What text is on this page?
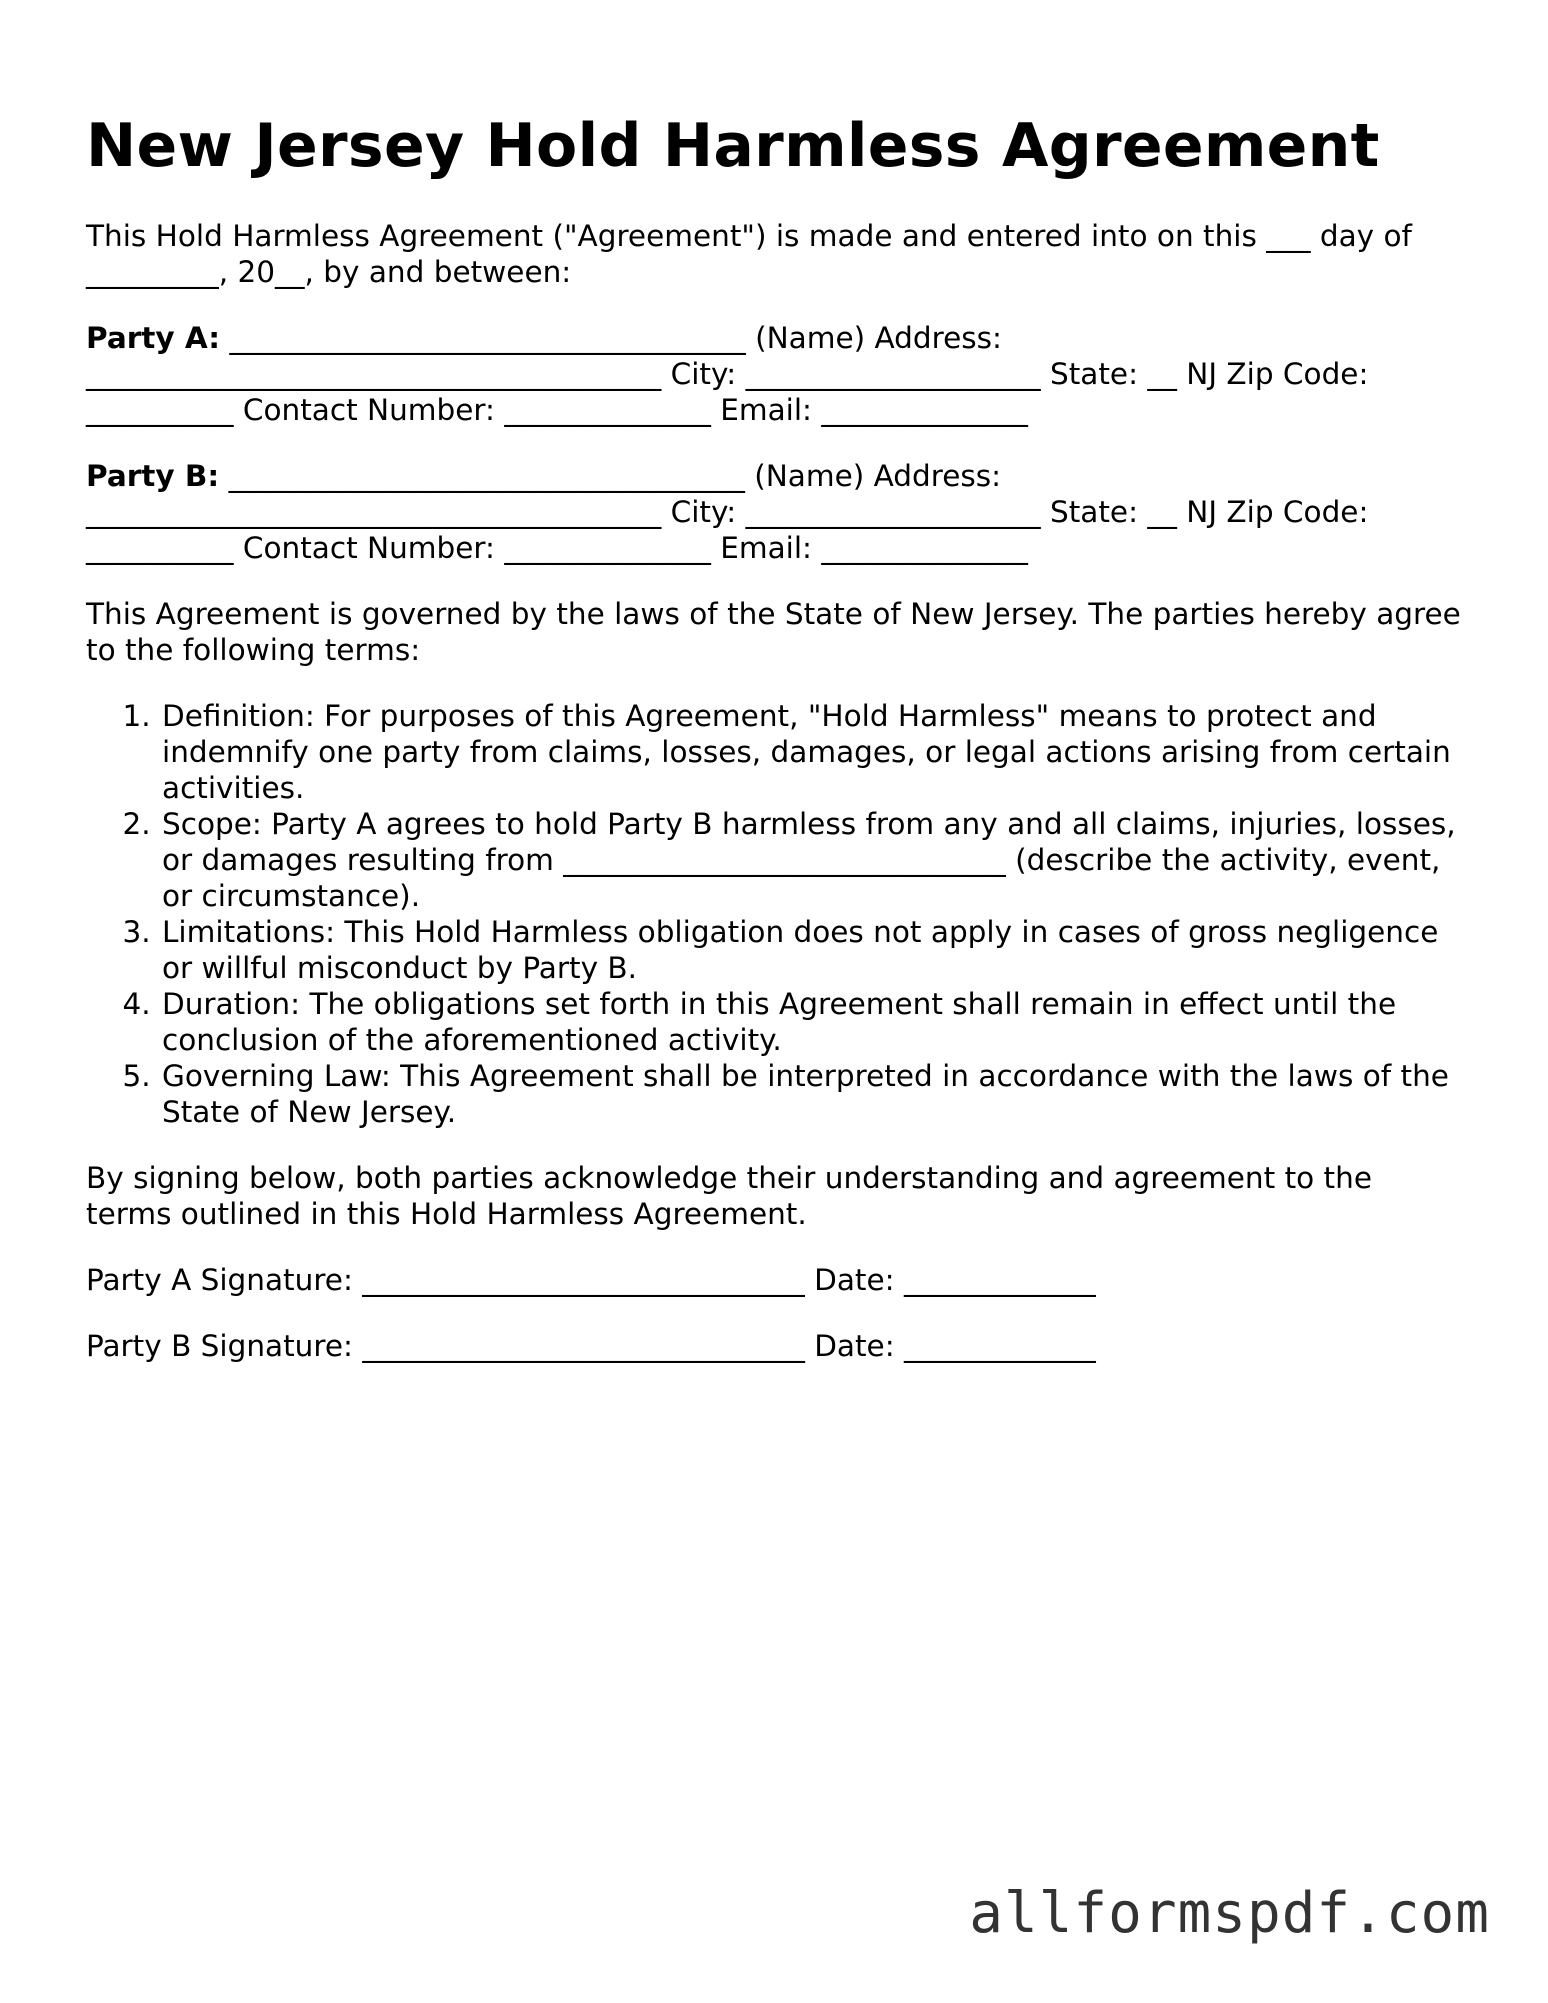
New Jersey Hold Harmless Agreement

This Hold Harmless Agreement ("Agreement") is made and entered into on this ___ day of _________, 20__, by and between:

Party A: ___________________________________ (Name) Address: _______________________________________ City: ____________________ State: __ NJ Zip Code: __________ Contact Number: ______________ Email: ______________

Party B: ___________________________________ (Name) Address: _______________________________________ City: ____________________ State: __ NJ Zip Code: __________ Contact Number: ______________ Email: ______________

This Agreement is governed by the laws of the State of New Jersey. The parties hereby agree to the following terms:

1. Definition: For purposes of this Agreement, "Hold Harmless" means to protect and indemnify one party from claims, losses, damages, or legal actions arising from certain activities.
2. Scope: Party A agrees to hold Party B harmless from any and all claims, injuries, losses, or damages resulting from ______________________________ (describe the activity, event, or circumstance).
3. Limitations: This Hold Harmless obligation does not apply in cases of gross negligence or willful misconduct by Party B.
4. Duration: The obligations set forth in this Agreement shall remain in effect until the conclusion of the aforementioned activity.
5. Governing Law: This Agreement shall be interpreted in accordance with the laws of the State of New Jersey.

By signing below, both parties acknowledge their understanding and agreement to the terms outlined in this Hold Harmless Agreement.

Party A Signature: ______________________________ Date: _____________

Party B Signature: ______________________________ Date: _____________

allformspdf.com
